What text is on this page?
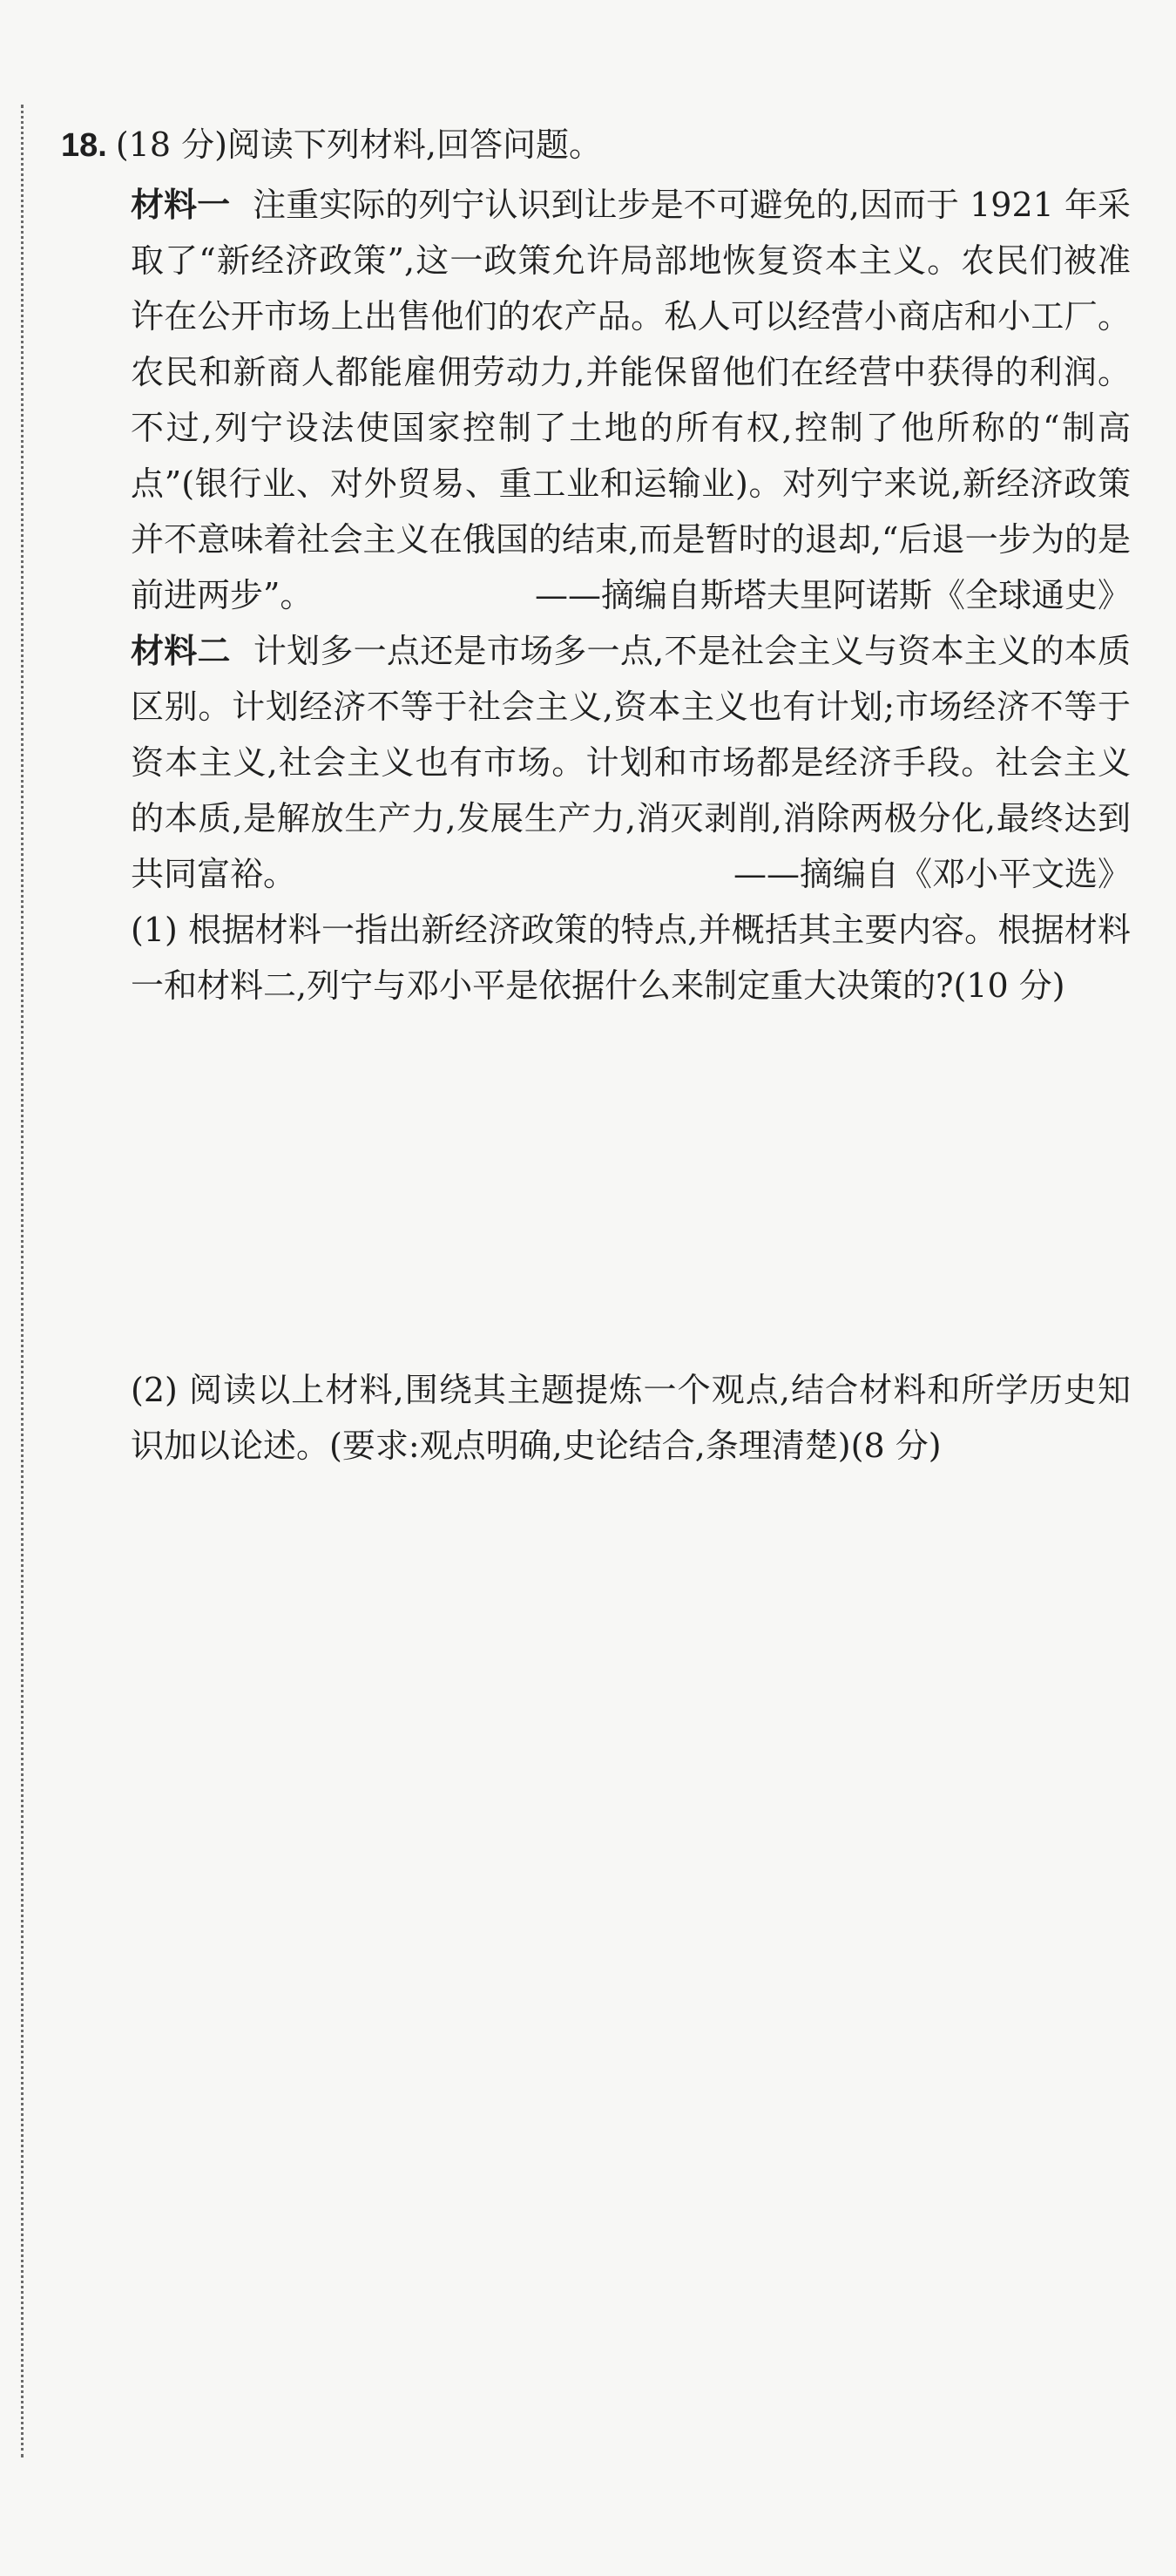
18. (18 分)阅读下列材料,回答问题。

材料一 注重实际的列宁认识到让步是不可避免的,因而于 1921 年采取了“新经济政策”,这一政策允许局部地恢复资本主义。农民们被准许在公开市场上出售他们的农产品。私人可以经营小商店和小工厂。农民和新商人都能雇佣劳动力,并能保留他们在经营中获得的利润。不过,列宁设法使国家控制了土地的所有权,控制了他所称的“制高点”(银行业、对外贸易、重工业和运输业)。对列宁来说,新经济政策并不意味着社会主义在俄国的结束,而是暂时的退却,“后退一步为的是前进两步”。	——摘编自斯塔夫里阿诺斯《全球通史》

材料二 计划多一点还是市场多一点,不是社会主义与资本主义的本质区别。计划经济不等于社会主义,资本主义也有计划;市场经济不等于资本主义,社会主义也有市场。计划和市场都是经济手段。社会主义的本质,是解放生产力,发展生产力,消灭剥削,消除两极分化,最终达到共同富裕。	——摘编自《邓小平文选》

(1) 根据材料一指出新经济政策的特点,并概括其主要内容。根据材料一和材料二,列宁与邓小平是依据什么来制定重大决策的?(10 分)

(2) 阅读以上材料,围绕其主题提炼一个观点,结合材料和所学历史知识加以论述。(要求:观点明确,史论结合,条理清楚)(8 分)
